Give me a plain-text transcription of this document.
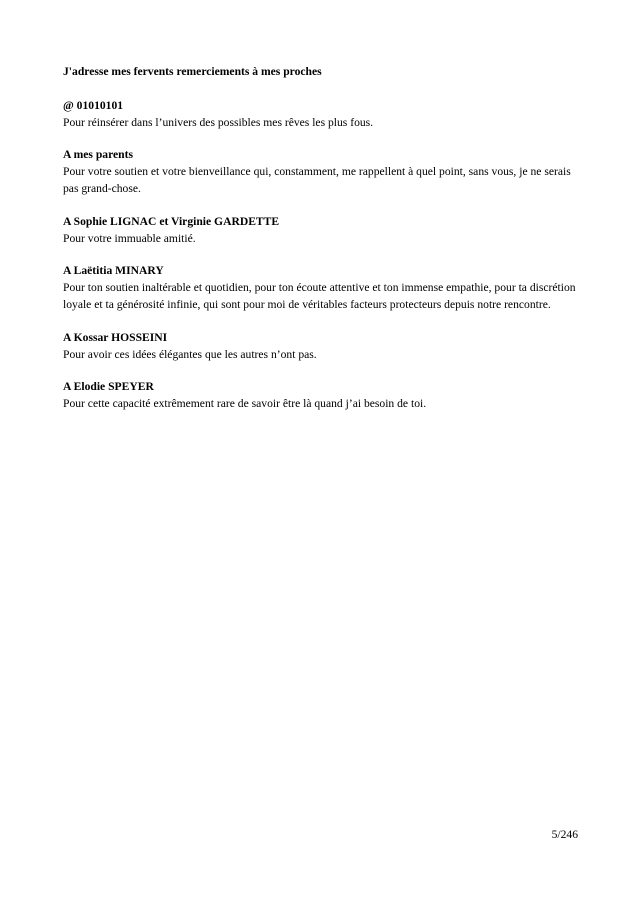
J'adresse mes fervents remerciements à mes proches
@ 01010101
Pour réinsérer dans l’univers des possibles mes rêves les plus fous.
A mes parents
Pour votre soutien et votre bienveillance qui, constamment, me rappellent à quel point, sans vous, je ne serais pas grand-chose.
A Sophie LIGNAC et Virginie GARDETTE
Pour votre immuable amitié.
A Laëtitia MINARY
Pour ton soutien inaltérable et quotidien, pour ton écoute attentive et ton immense empathie, pour ta discrétion loyale et ta générosité infinie, qui sont pour moi de véritables facteurs protecteurs depuis notre rencontre.
A Kossar HOSSEINI
Pour avoir ces idées élégantes que les autres n’ont pas.
A Elodie SPEYER
Pour cette capacité extrêmement rare de savoir être là quand j’ai besoin de toi.
5/246
